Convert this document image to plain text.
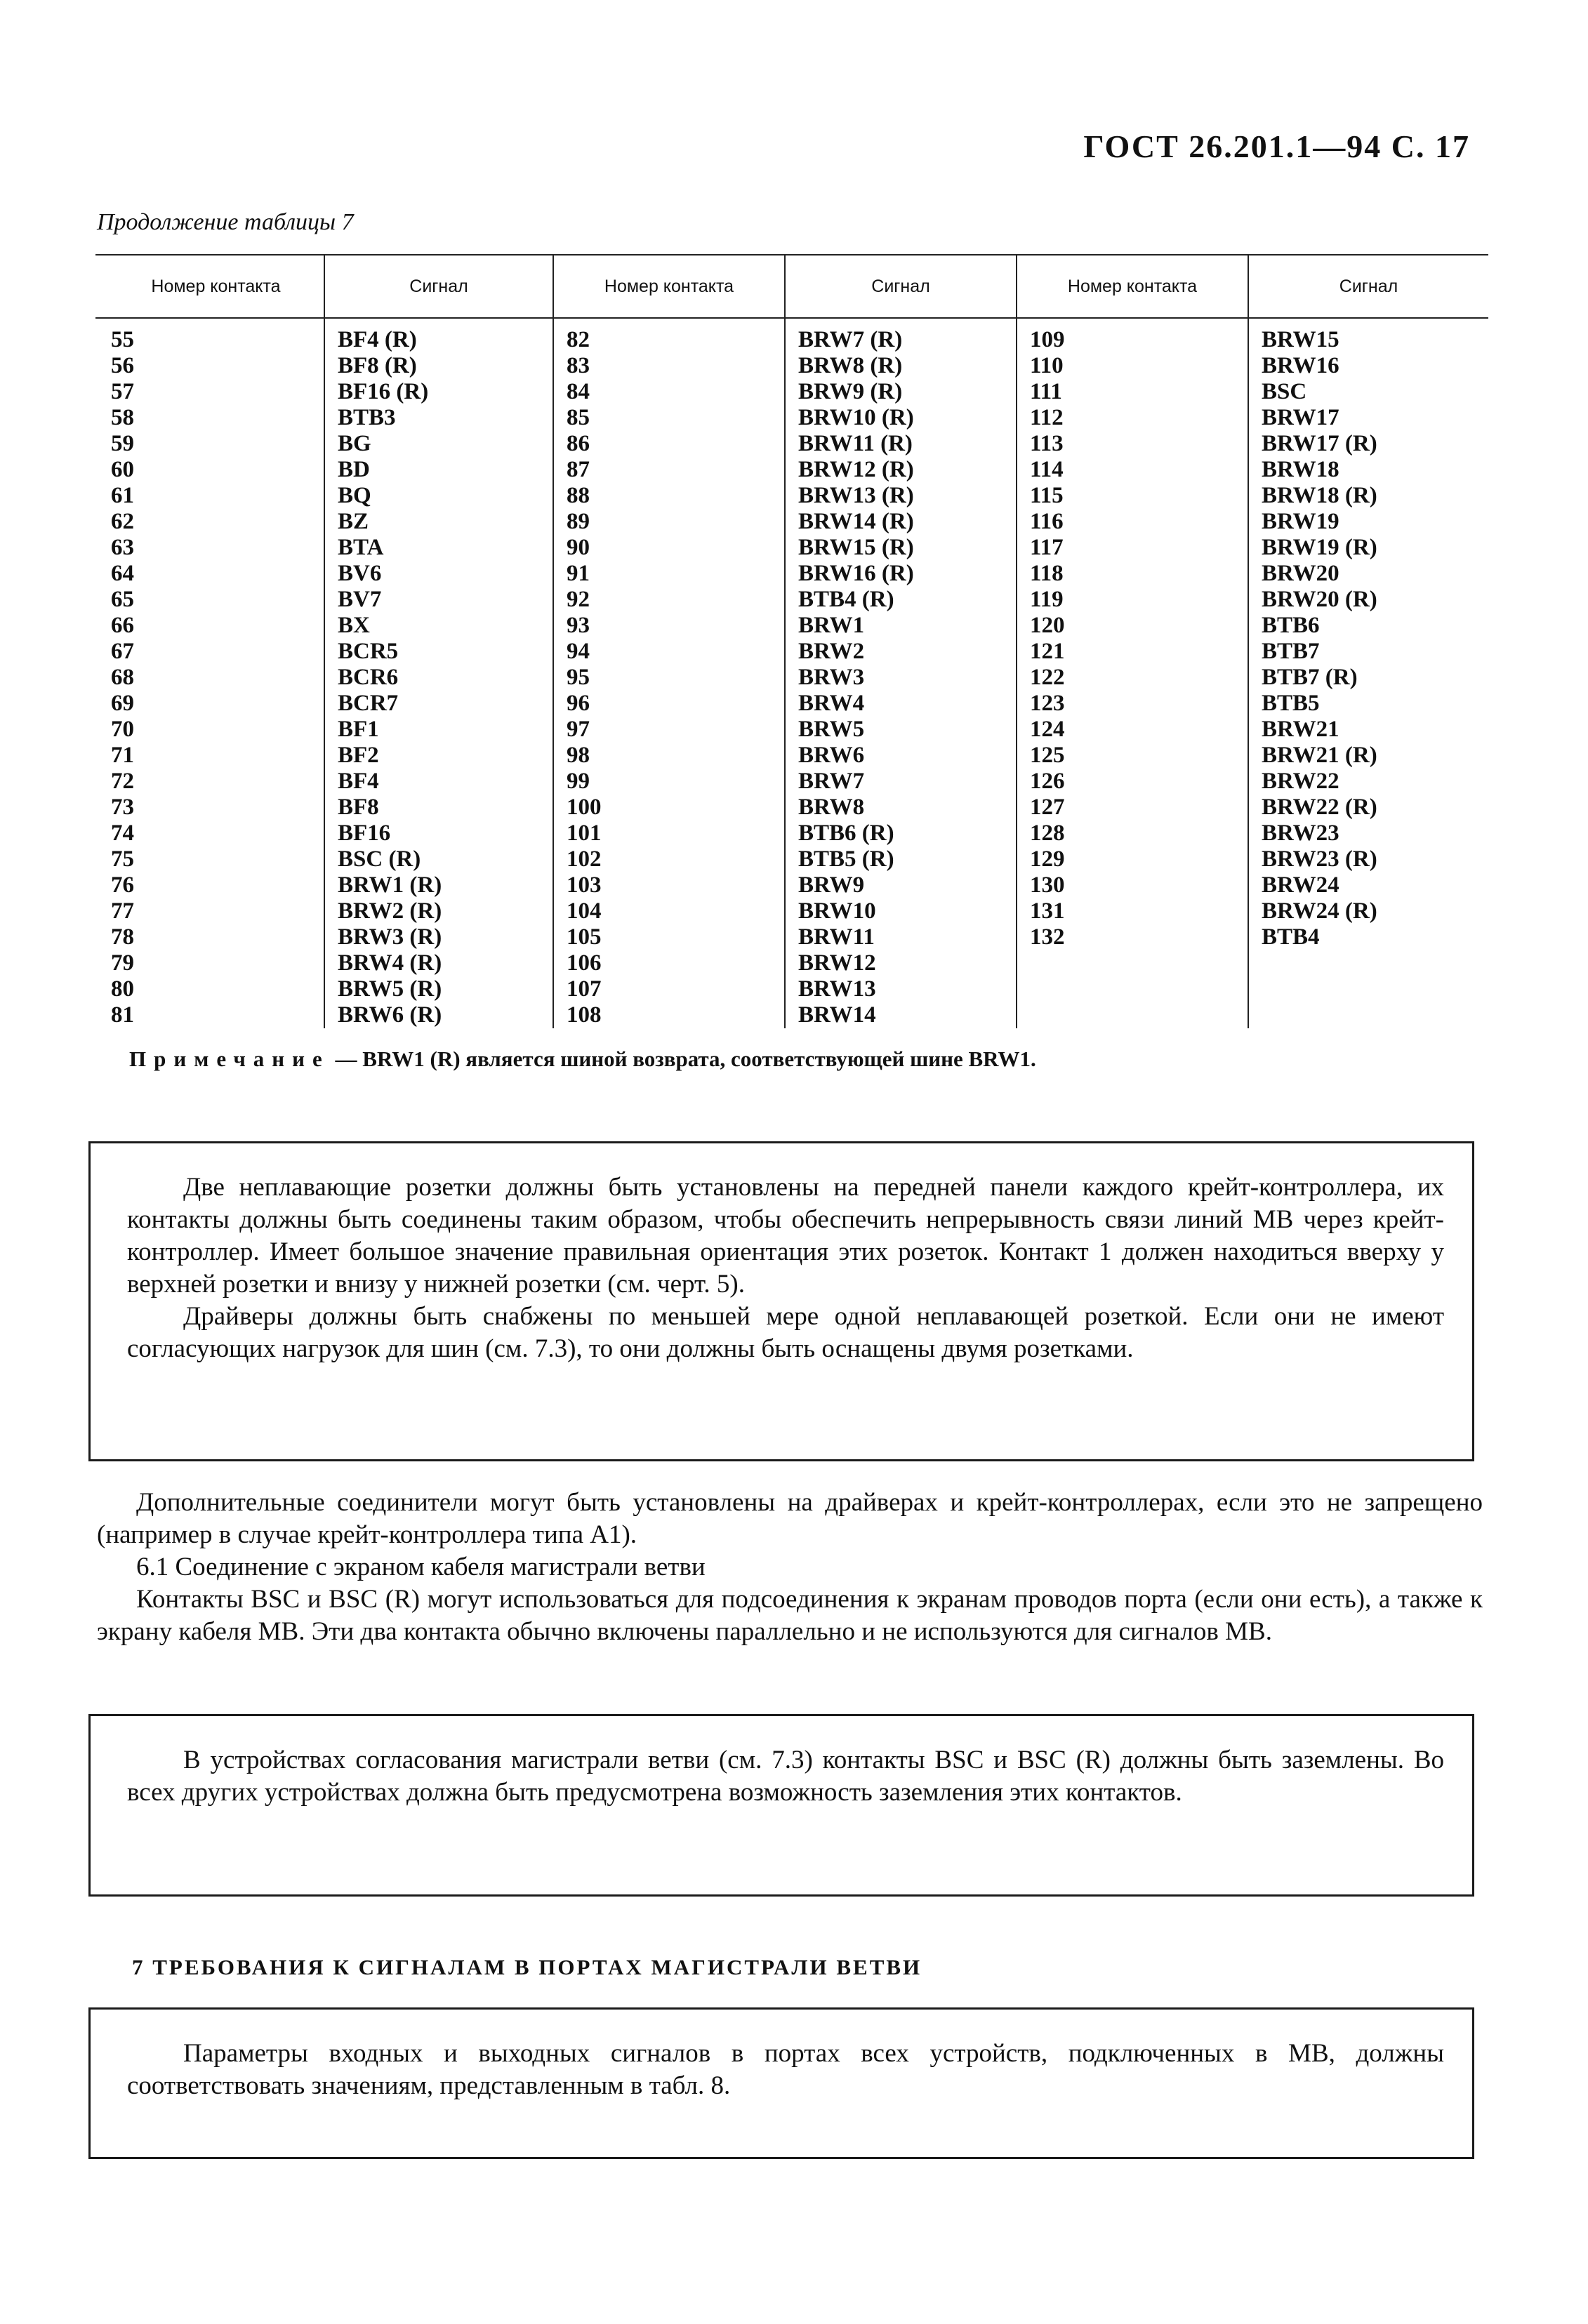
ГОСТ 26.201.1—94 С. 17
Продолжение таблицы 7
Номер контакта	Сигнал	Номер контакта	Сигнал	Номер контакта	Сигнал
55	BF4 (R)	82	BRW7 (R)	109	BRW15
56	BF8 (R)	83	BRW8 (R)	110	BRW16
57	BF16 (R)	84	BRW9 (R)	111	BSC
58	BTB3	85	BRW10 (R)	112	BRW17
59	BG	86	BRW11 (R)	113	BRW17 (R)
60	BD	87	BRW12 (R)	114	BRW18
61	BQ	88	BRW13 (R)	115	BRW18 (R)
62	BZ	89	BRW14 (R)	116	BRW19
63	BTA	90	BRW15 (R)	117	BRW19 (R)
64	BV6	91	BRW16 (R)	118	BRW20
65	BV7	92	BTB4 (R)	119	BRW20 (R)
66	BX	93	BRW1	120	BTB6
67	BCR5	94	BRW2	121	BTB7
68	BCR6	95	BRW3	122	BTB7 (R)
69	BCR7	96	BRW4	123	BTB5
70	BF1	97	BRW5	124	BRW21
71	BF2	98	BRW6	125	BRW21 (R)
72	BF4	99	BRW7	126	BRW22
73	BF8	100	BRW8	127	BRW22 (R)
74	BF16	101	BTB6 (R)	128	BRW23
75	BSC (R)	102	BTB5 (R)	129	BRW23 (R)
76	BRW1 (R)	103	BRW9	130	BRW24
77	BRW2 (R)	104	BRW10	131	BRW24 (R)
78	BRW3 (R)	105	BRW11	132	BTB4
79	BRW4 (R)	106	BRW12		
80	BRW5 (R)	107	BRW13		
81	BRW6 (R)	108	BRW14		
Примечание — BRW1 (R) является шиной возврата, соответствующей шине BRW1.

Две неплавающие розетки должны быть установлены на передней панели каждого крейт-контроллера, их контакты должны быть соединены таким образом, чтобы обеспечить непрерывность связи линий МВ через крейт-контроллер. Имеет большое значение правильная ориентация этих розеток. Контакт 1 должен находиться вверху у верхней розетки и внизу у нижней розетки (см. черт. 5).

Драйверы должны быть снабжены по меньшей мере одной неплавающей розеткой. Если они не имеют согласующих нагрузок для шин (см. 7.3), то они должны быть оснащены двумя розетками.

Дополнительные соединители могут быть установлены на драйверах и крейт-контроллерах, если это не запрещено (например в случае крейт-контроллера типа А1).

6.1 Соединение с экраном кабеля магистрали ветви

Контакты BSC и BSC (R) могут использоваться для подсоединения к экранам проводов порта (если они есть), а также к экрану кабеля МВ. Эти два контакта обычно включены параллельно и не используются для сигналов МВ.

В устройствах согласования магистрали ветви (см. 7.3) контакты BSC и BSC (R) должны быть заземлены. Во всех других устройствах должна быть предусмотрена возможность заземления этих контактов.

7 ТРЕБОВАНИЯ К СИГНАЛАМ В ПОРТАХ МАГИСТРАЛИ ВЕТВИ

Параметры входных и выходных сигналов в портах всех устройств, подключенных в МВ, должны соответствовать значениям, представленным в табл. 8.
